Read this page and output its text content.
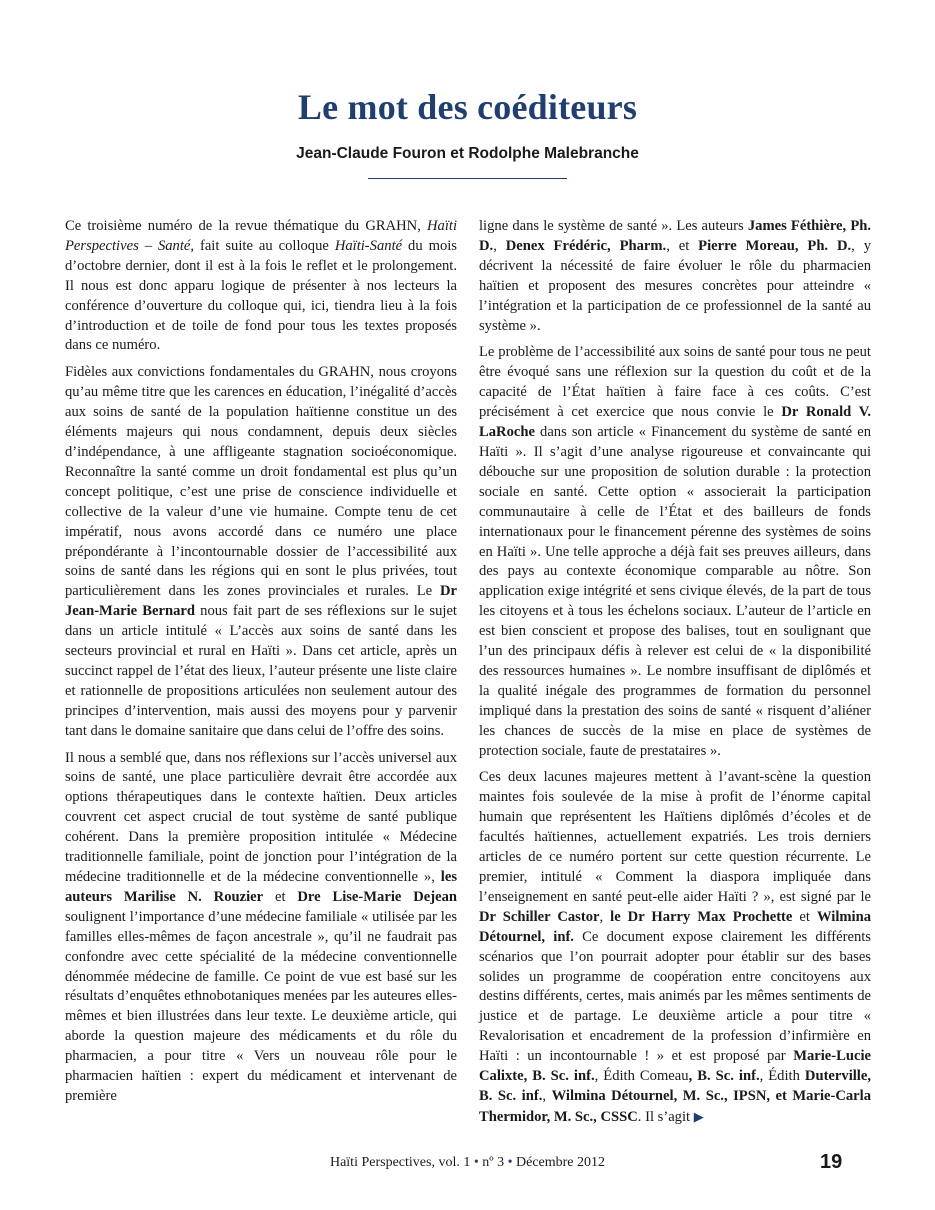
Le mot des coéditeurs
Jean-Claude Fouron et Rodolphe Malebranche

Ce troisième numéro de la revue thématique du GRAHN, Haïti Perspectives – Santé, fait suite au colloque Haïti-Santé du mois d’octobre dernier, dont il est à la fois le reflet et le prolongement. Il nous est donc apparu logique de présenter à nos lecteurs la conférence d’ouverture du colloque qui, ici, tiendra lieu à la fois d’introduction et de toile de fond pour tous les textes proposés dans ce numéro.

Fidèles aux convictions fondamentales du GRAHN, nous croyons qu’au même titre que les carences en éducation, l’inégalité d’accès aux soins de santé de la population haïtienne constitue un des éléments majeurs qui nous condamnent, depuis deux siècles d’indépendance, à une affligeante stagnation socioéconomique. Reconnaître la santé comme un droit fondamental est plus qu’un concept politique, c’est une prise de conscience individuelle et collective de la valeur d’une vie humaine. Compte tenu de cet impératif, nous avons accordé dans ce numéro une place prépondérante à l’incontournable dossier de l’accessibilité aux soins de santé dans les régions qui en sont le plus privées, tout particulièrement dans les zones provinciales et rurales. Le Dr Jean-Marie Bernard nous fait part de ses réflexions sur le sujet dans un article intitulé « L’accès aux soins de santé dans les secteurs provincial et rural en Haïti ». Dans cet article, après un succinct rappel de l’état des lieux, l’auteur présente une liste claire et rationnelle de propositions articulées non seulement autour des principes d’intervention, mais aussi des moyens pour y parvenir tant dans le domaine sanitaire que dans celui de l’offre des soins.

Il nous a semblé que, dans nos réflexions sur l’accès universel aux soins de santé, une place particulière devrait être accordée aux options thérapeutiques dans le contexte haïtien. Deux articles couvrent cet aspect crucial de tout système de santé publique cohérent. Dans la première proposition intitulée « Médecine traditionnelle familiale, point de jonction pour l’intégration de la médecine traditionnelle et de la médecine conventionnelle », les auteurs Marilise N. Rouzier et Dre Lise-Marie Dejean soulignent l’importance d’une médecine familiale « utilisée par les familles elles-mêmes de façon ancestrale », qu’il ne faudrait pas confondre avec cette spécialité de la médecine conventionnelle dénommée médecine de famille. Ce point de vue est basé sur les résultats d’enquêtes ethnobotaniques menées par les auteures elles-mêmes et bien illustrées dans leur texte. Le deuxième article, qui aborde la question majeure des médicaments et du rôle du pharmacien, a pour titre « Vers un nouveau rôle pour le pharmacien haïtien : expert du médicament et intervenant de première

ligne dans le système de santé ». Les auteurs James Féthière, Ph. D., Denex Frédéric, Pharm., et Pierre Moreau, Ph. D., y décrivent la nécessité de faire évoluer le rôle du pharmacien haïtien et proposent des mesures concrètes pour atteindre « l’intégration et la participation de ce professionnel de la santé au système ».

Le problème de l’accessibilité aux soins de santé pour tous ne peut être évoqué sans une réflexion sur la question du coût et de la capacité de l’État haïtien à faire face à ces coûts. C’est précisément à cet exercice que nous convie le Dr Ronald V. LaRoche dans son article « Financement du système de santé en Haïti ». Il s’agit d’une analyse rigoureuse et convaincante qui débouche sur une proposition de solution durable : la protection sociale en santé. Cette option « associerait la participation communautaire à celle de l’État et des bailleurs de fonds internationaux pour le financement pérenne des systèmes de soins en Haïti ». Une telle approche a déjà fait ses preuves ailleurs, dans des pays au contexte économique comparable au nôtre. Son application exige intégrité et sens civique élevés, de la part de tous les citoyens et à tous les échelons sociaux. L’auteur de l’article en est bien conscient et propose des balises, tout en soulignant que l’un des principaux défis à relever est celui de « la disponibilité des ressources humaines ». Le nombre insuffisant de diplômés et la qualité inégale des programmes de formation du personnel impliqué dans la prestation des soins de santé « risquent d’aliéner les chances de succès de la mise en place de systèmes de protection sociale, faute de prestataires ».

Ces deux lacunes majeures mettent à l’avant-scène la question maintes fois soulevée de la mise à profit de l’énorme capital humain que représentent les Haïtiens diplômés d’écoles et de facultés haïtiennes, actuellement expatriés. Les trois derniers articles de ce numéro portent sur cette question récurrente. Le premier, intitulé « Comment la diaspora impliquée dans l’enseignement en santé peut-elle aider Haïti ? », est signé par le Dr Schiller Castor, le Dr Harry Max Prochette et Wilmina Détournel, inf. Ce document expose clairement les différents scénarios que l’on pourrait adopter pour établir sur des bases solides un programme de coopération entre concitoyens aux destins différents, certes, mais animés par les mêmes sentiments de justice et de partage. Le deuxième article a pour titre « Revalorisation et encadrement de la profession d’infirmière en Haïti : un incontournable ! » et est proposé par Marie-Lucie Calixte, B. Sc. inf., Édith Comeau, B. Sc. inf., Édith Duterville, B. Sc. inf., Wilmina Détournel, M. Sc., IPSN, et Marie-Carla Thermidor, M. Sc., CSSC. Il s’agit ▶

Haïti Perspectives, vol. 1 • nº 3 • Décembre 2012	19
